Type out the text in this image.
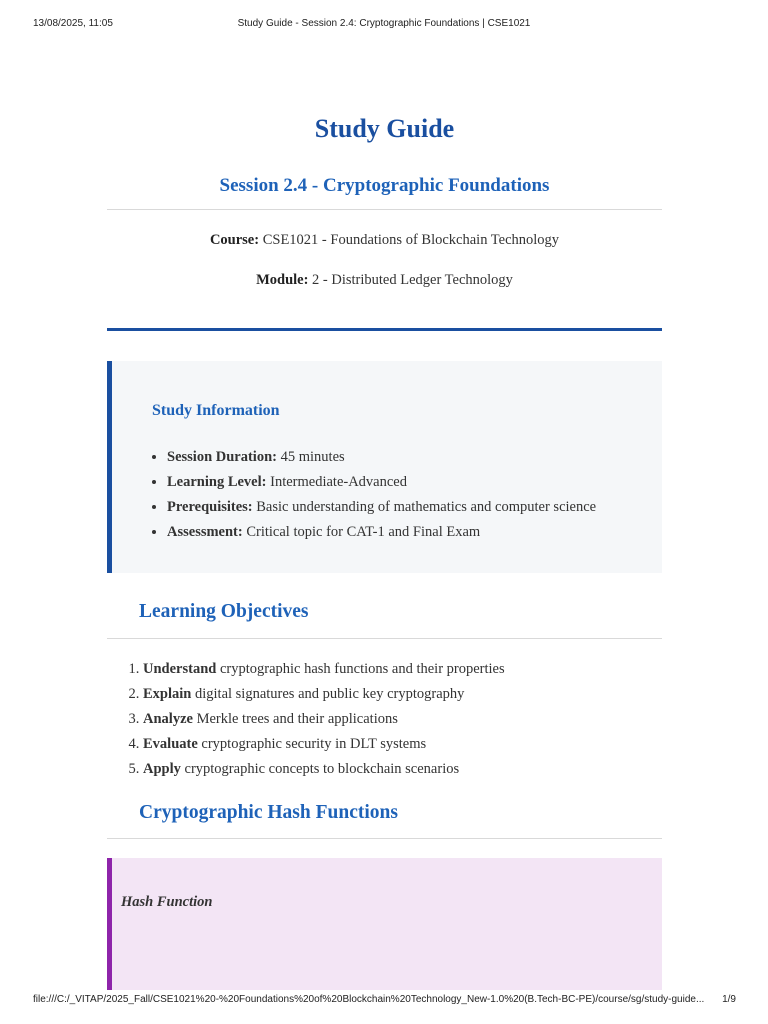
13/08/2025, 11:05	Study Guide - Session 2.4: Cryptographic Foundations | CSE1021
Study Guide
Session 2.4 - Cryptographic Foundations
Course: CSE1021 - Foundations of Blockchain Technology
Module: 2 - Distributed Ledger Technology
Study Information
• Session Duration: 45 minutes
• Learning Level: Intermediate-Advanced
• Prerequisites: Basic understanding of mathematics and computer science
• Assessment: Critical topic for CAT-1 and Final Exam
Learning Objectives
1. Understand cryptographic hash functions and their properties
2. Explain digital signatures and public key cryptography
3. Analyze Merkle trees and their applications
4. Evaluate cryptographic security in DLT systems
5. Apply cryptographic concepts to blockchain scenarios
Cryptographic Hash Functions
Hash Function
file:///C:/_VITAP/2025_Fall/CSE1021%20-%20Foundations%20of%20Blockchain%20Technology_New-1.0%20(B.Tech-BC-PE)/course/sg/study-guide...	1/9
